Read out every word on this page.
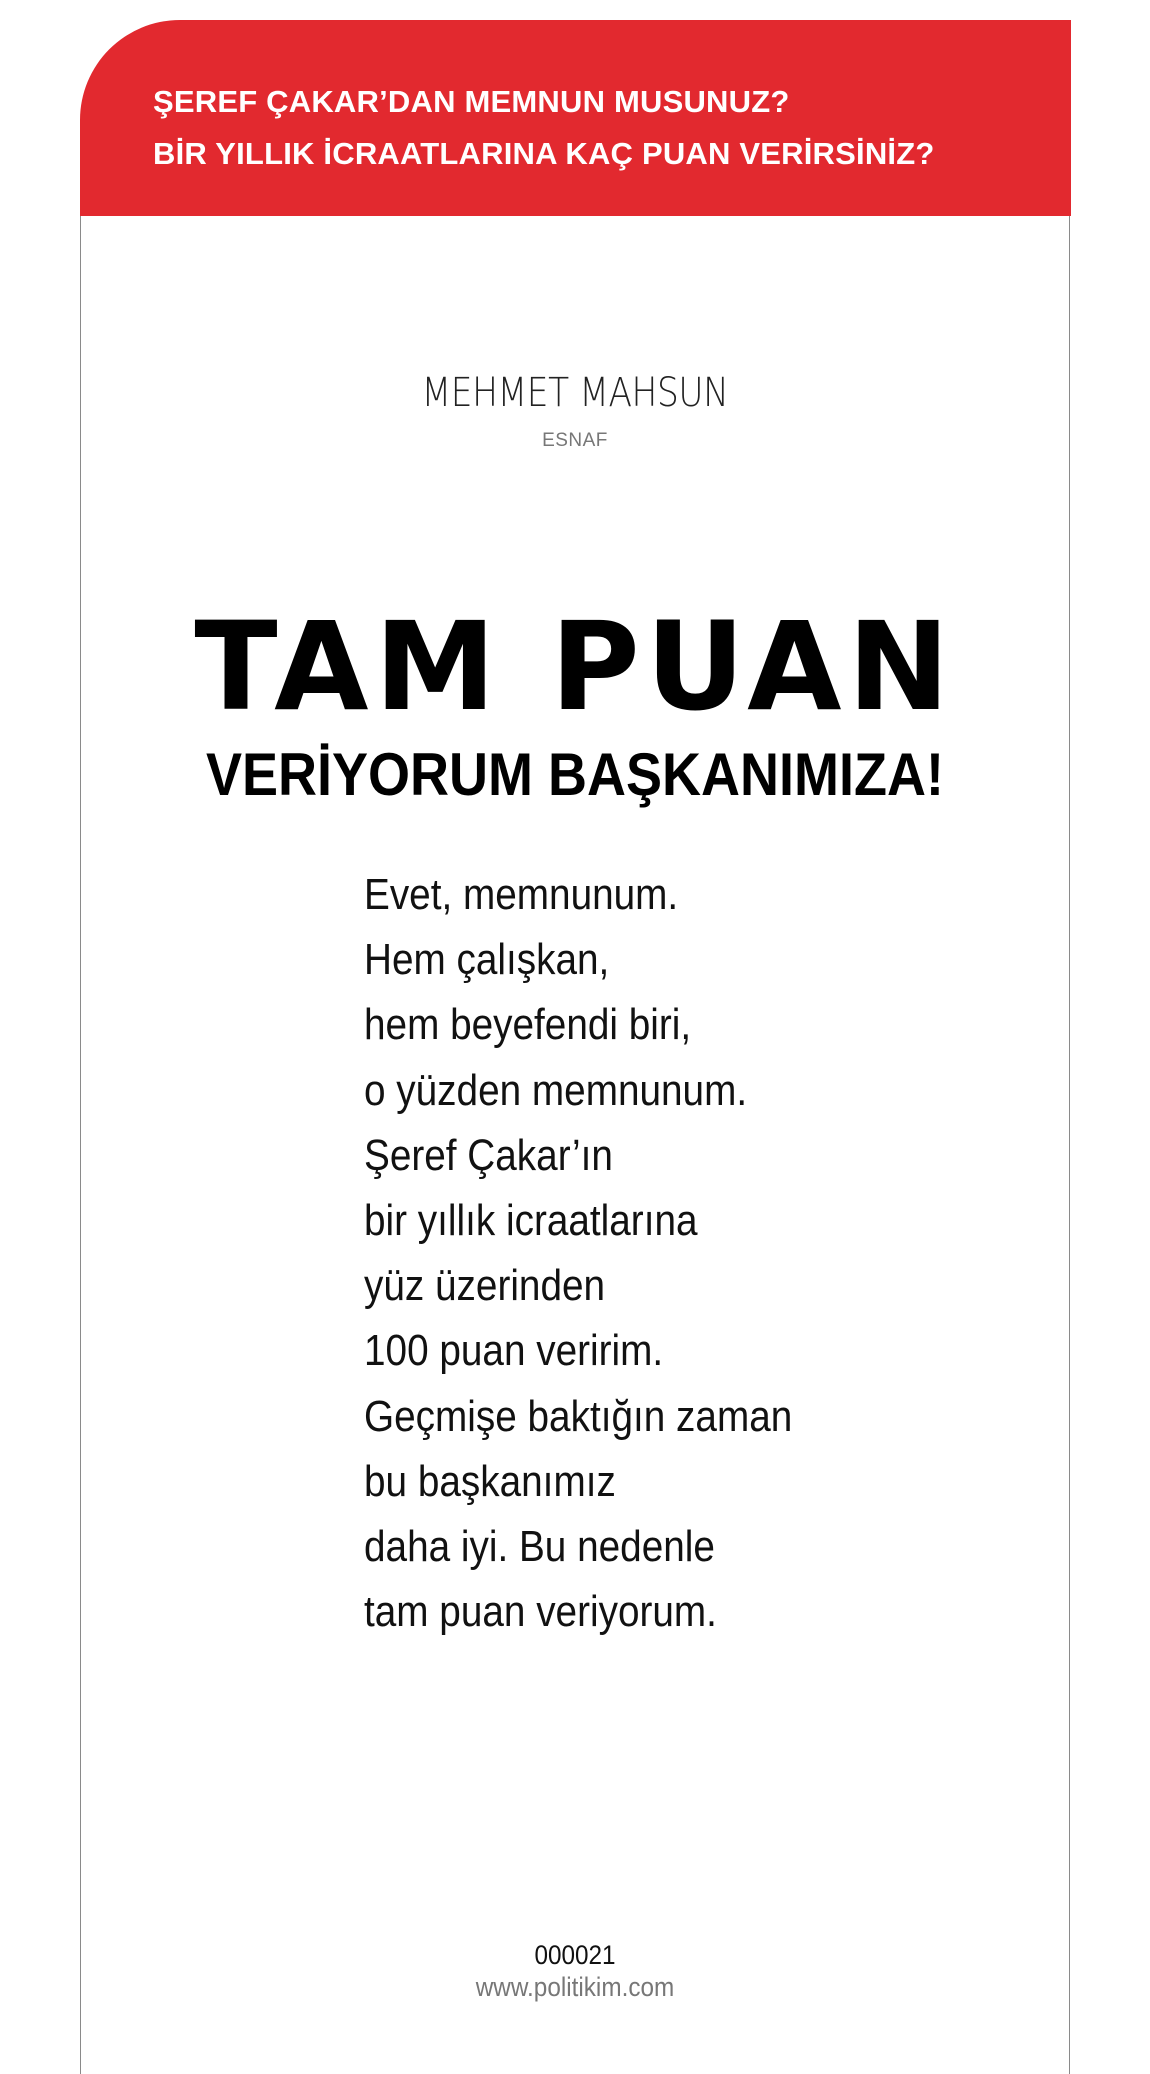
ŞEREF ÇAKAR’DAN MEMNUN MUSUNUZ?
BİR YILLIK İCRAATLARINA KAÇ PUAN VERİRSİNİZ?
MEHMET MAHSUN
ESNAF
TAM PUAN
VERİYORUM BAŞKANIMIZA!
Evet, memnunum.
Hem çalışkan,
hem beyefendi biri,
o yüzden memnunum.
Şeref Çakar’ın
bir yıllık icraatlarına
yüz üzerinden
100 puan veririm.
Geçmişe baktığın zaman
bu başkanımız
daha iyi. Bu nedenle
tam puan veriyorum.
000021
www.politikim.com
